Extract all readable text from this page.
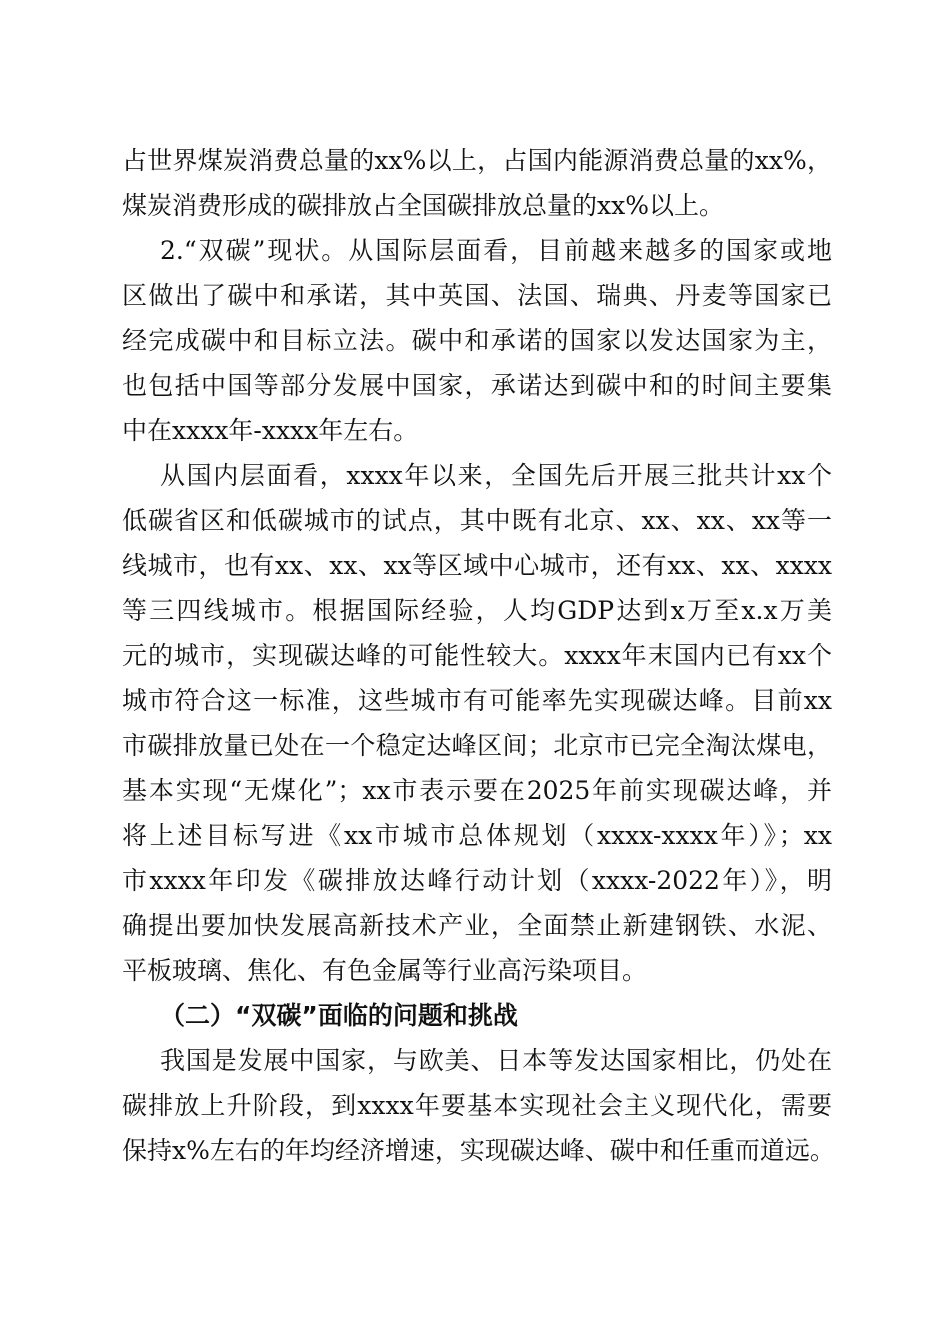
占世界煤炭消费总量的xx%以上，占国内能源消费总量的xx%，
煤炭消费形成的碳排放占全国碳排放总量的xx%以上。
2.“双碳”现状。从国际层面看，目前越来越多的国家或地
区做出了碳中和承诺，其中英国、法国、瑞典、丹麦等国家已
经完成碳中和目标立法。碳中和承诺的国家以发达国家为主，
也包括中国等部分发展中国家，承诺达到碳中和的时间主要集
中在xxxx年-xxxx年左右。
从国内层面看，xxxx年以来，全国先后开展三批共计xx个
低碳省区和低碳城市的试点，其中既有北京、xx、xx、xx等一
线城市，也有xx、xx、xx等区域中心城市，还有xx、xx、xxxx
等三四线城市。根据国际经验，人均GDP达到x万至x.x万美
元的城市，实现碳达峰的可能性较大。xxxx年末国内已有xx个
城市符合这一标准，这些城市有可能率先实现碳达峰。目前xx
市碳排放量已处在一个稳定达峰区间；北京市已完全淘汰煤电，
基本实现“无煤化”；xx市表示要在2025年前实现碳达峰，并
将上述目标写进《xx市城市总体规划（xxxx-xxxx年）》；xx
市xxxx年印发《碳排放达峰行动计划（xxxx-2022年）》，明
确提出要加快发展高新技术产业，全面禁止新建钢铁、水泥、
平板玻璃、焦化、有色金属等行业高污染项目。
（二）“双碳”面临的问题和挑战
我国是发展中国家，与欧美、日本等发达国家相比，仍处在
碳排放上升阶段，到xxxx年要基本实现社会主义现代化，需要
保持x%左右的年均经济增速，实现碳达峰、碳中和任重而道远。
